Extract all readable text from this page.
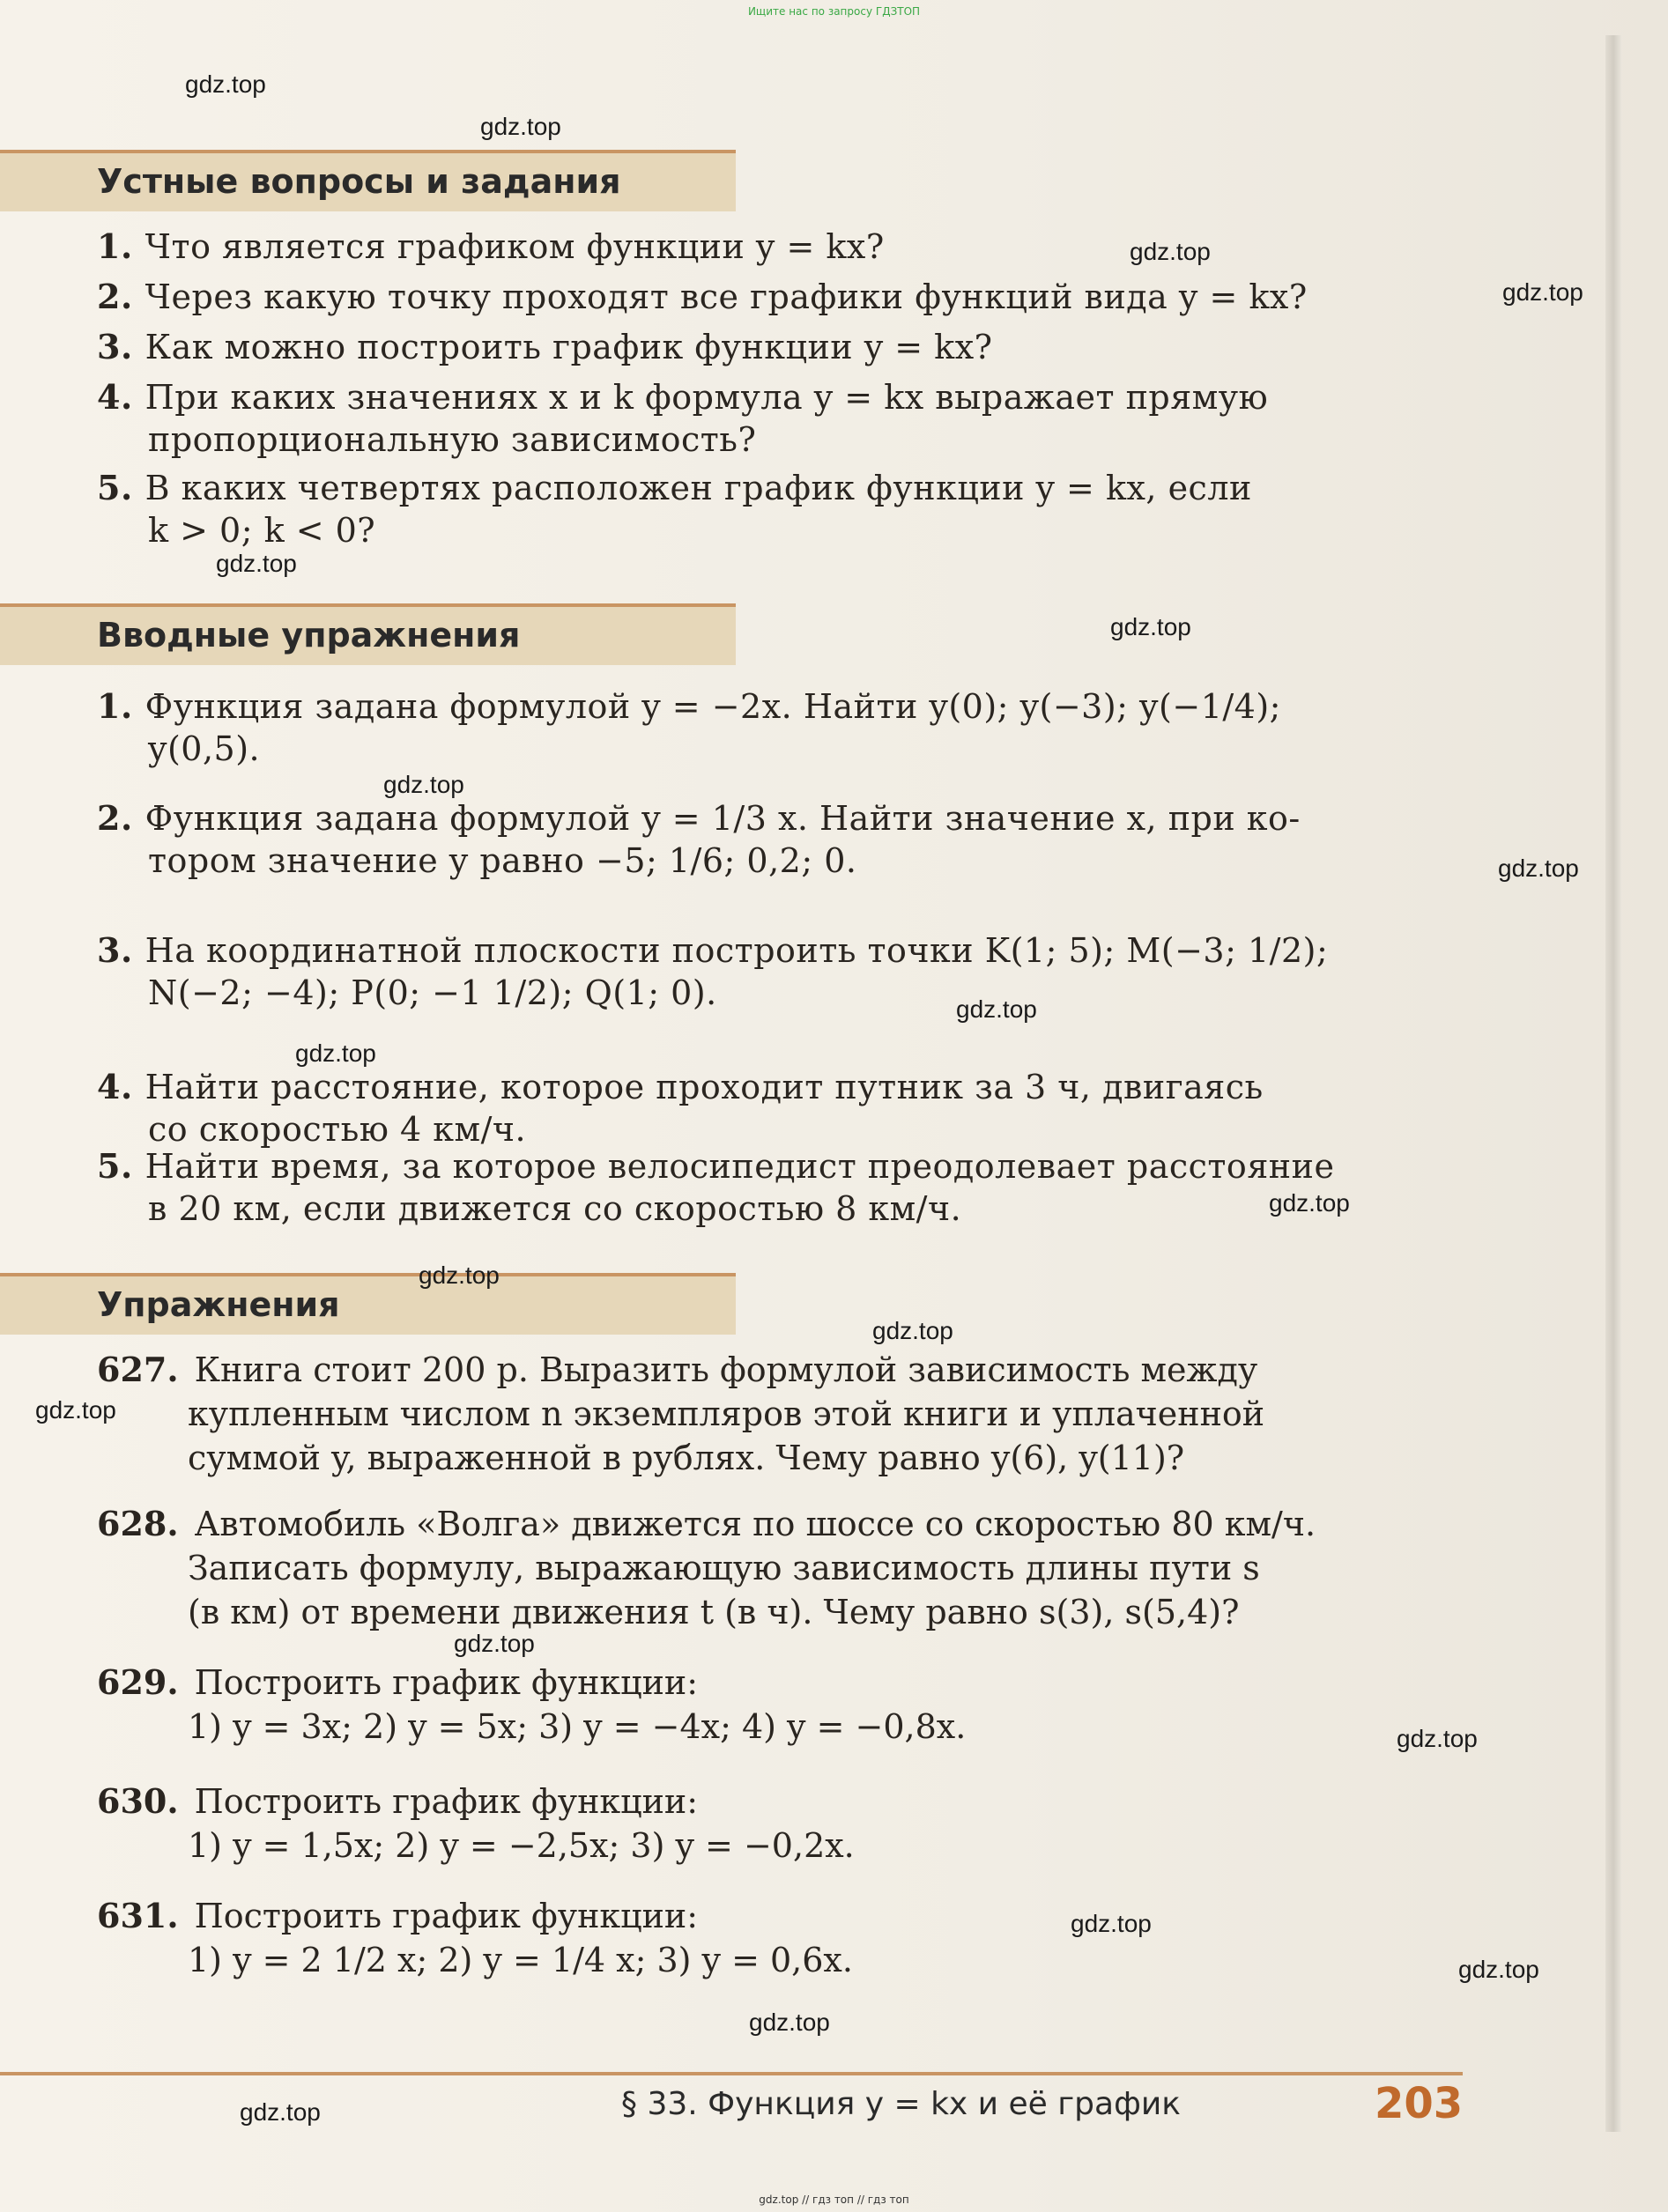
Ищите нас по запросу ГДЗТОП
Устные вопросы и задания
1. Что является графиком функции y = kx?
2. Через какую точку проходят все графики функций вида y = kx?
3. Как можно построить график функции y = kx?
4. При каких значениях x и k формула y = kx выражает прямую
пропорциональную зависимость?
5. В каких четвертях расположен график функции y = kx, если
k > 0; k < 0?
Вводные упражнения
1. Функция задана формулой y = −2x. Найти y(0); y(−3); y(−1/4);
y(0,5).
2. Функция задана формулой y = 1/3 x. Найти значение x, при ко-
тором значение y равно −5; 1/6; 0,2; 0.
3. На координатной плоскости построить точки K(1; 5); M(−3; 1/2);
N(−2; −4); P(0; −1 1/2); Q(1; 0).
4. Найти расстояние, которое проходит путник за 3 ч, двигаясь
со скоростью 4 км/ч.
5. Найти время, за которое велосипедист преодолевает расстояние
в 20 км, если движется со скоростью 8 км/ч.
Упражнения
627. Книга стоит 200 р. Выразить формулой зависимость между
купленным числом n экземпляров этой книги и уплаченной
суммой y, выраженной в рублях. Чему равно y(6), y(11)?
628. Автомобиль «Волга» движется по шоссе со скоростью 80 км/ч.
Записать формулу, выражающую зависимость длины пути s
(в км) от времени движения t (в ч). Чему равно s(3), s(5,4)?
629. Построить график функции:
1) y = 3x; 2) y = 5x; 3) y = −4x; 4) y = −0,8x.
630. Построить график функции:
1) y = 1,5x; 2) y = −2,5x; 3) y = −0,2x.
631. Построить график функции:
1) y = 2 1/2 x; 2) y = 1/4 x; 3) y = 0,6x.
§ 33. Функция y = kx и её график	203
gdz.top
gdz.top
gdz.top
gdz.top
gdz.top
gdz.top
gdz.top
gdz.top
gdz.top
gdz.top
gdz.top
gdz.top
gdz.top
gdz.top
gdz.top
gdz.top
gdz.top
gdz.top
gdz.top
gdz.top
gdz.top // гдз топ // гдз топ
